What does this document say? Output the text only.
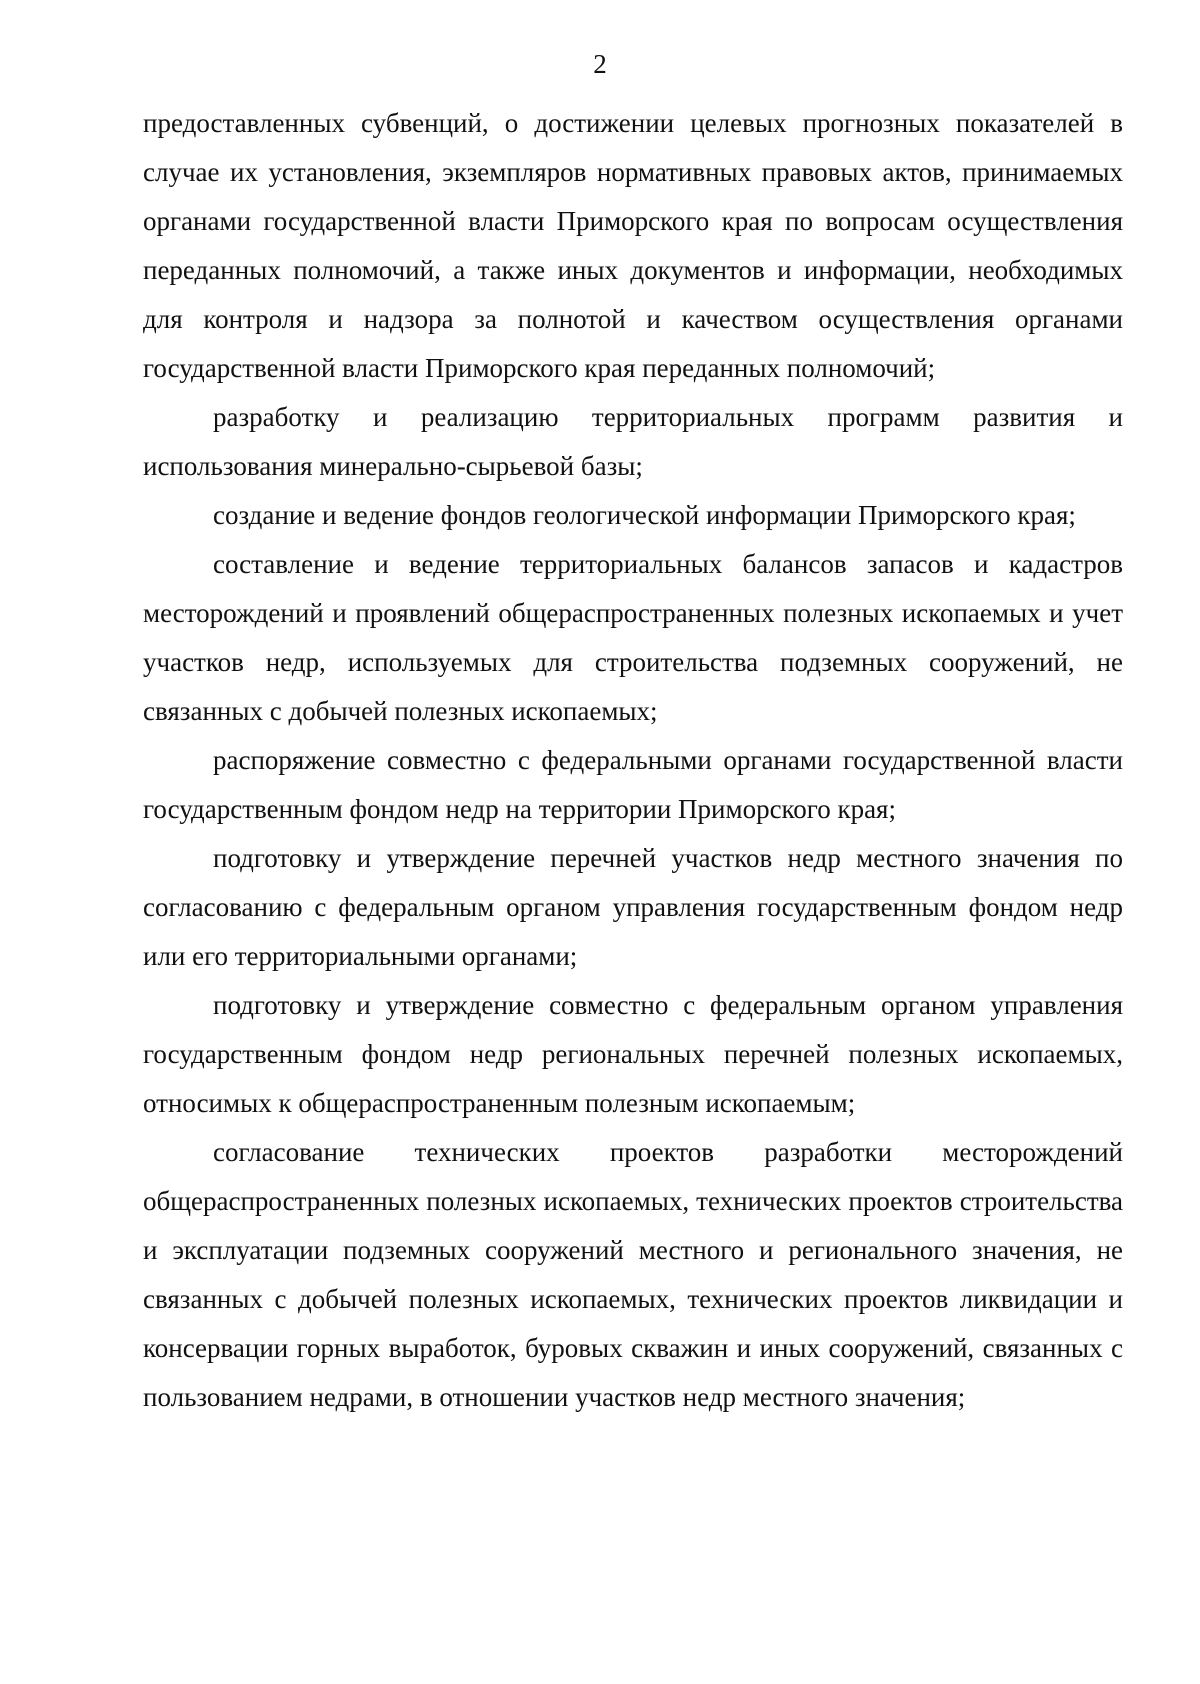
2

предоставленных субвенций, о достижении целевых прогнозных показателей в случае их установления, экземпляров нормативных правовых актов, принимаемых органами государственной власти Приморского края по вопросам осуществления переданных полномочий, а также иных документов и информации, необходимых для контроля и надзора за полнотой и качеством осуществления органами государственной власти Приморского края переданных полномочий;

разработку и реализацию территориальных программ развития и использования минерально-сырьевой базы;

создание и ведение фондов геологической информации Приморского края;

составление и ведение территориальных балансов запасов и кадастров месторождений и проявлений общераспространенных полезных ископаемых и учет участков недр, используемых для строительства подземных сооружений, не связанных с добычей полезных ископаемых;

распоряжение совместно с федеральными органами государственной власти государственным фондом недр на территории Приморского края;

подготовку и утверждение перечней участков недр местного значения по согласованию с федеральным органом управления государственным фондом недр или его территориальными органами;

подготовку и утверждение совместно с федеральным органом управления государственным фондом недр региональных перечней полезных ископаемых, относимых к общераспространенным полезным ископаемым;

согласование технических проектов разработки месторождений общераспространенных полезных ископаемых, технических проектов строительства и эксплуатации подземных сооружений местного и регионального значения, не связанных с добычей полезных ископаемых, технических проектов ликвидации и консервации горных выработок, буровых скважин и иных сооружений, связанных с пользованием недрами, в отношении участков недр местного значения;
